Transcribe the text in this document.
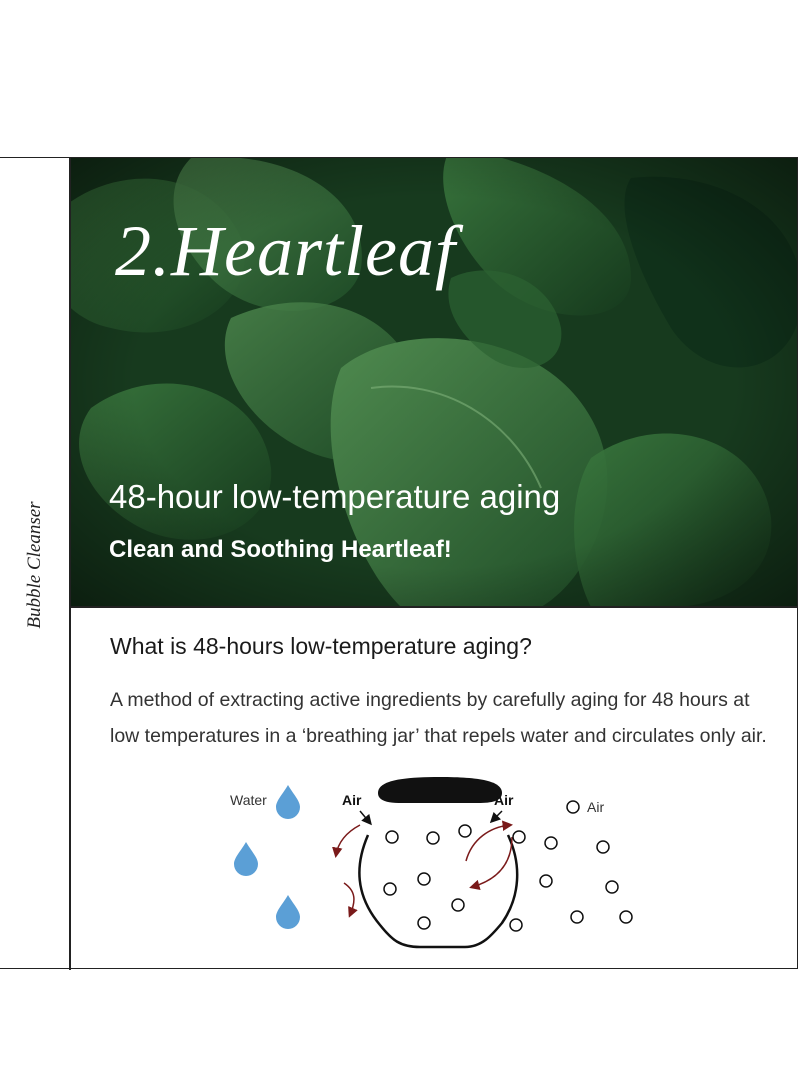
Bubble Cleanser
2.Heartleaf
48-hour low-temperature aging
Clean and Soothing Heartleaf!
What is 48-hours low-temperature aging?
A method of extracting active ingredients by carefully aging for 48 hours at low temperatures in a ‘breathing jar’ that repels water and circulates only air.
Water	Air	Air	Air
